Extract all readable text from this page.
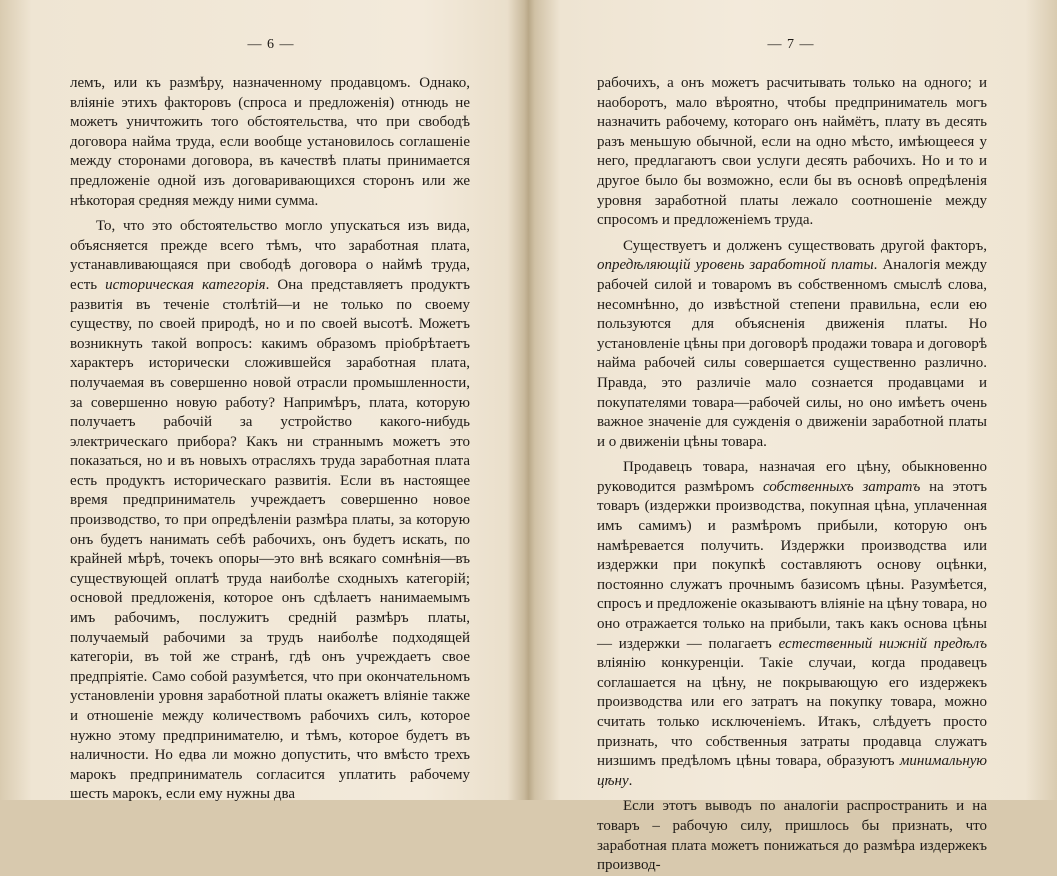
— 6 —

лемъ, или къ размѣру, назначенному продавцомъ. Однако, вліяніе этихъ факторовъ (спроса и предложенія) отнюдь не можетъ уничтожить того обстоятельства, что при свободѣ договора найма труда, если вообще установилось соглашеніе между сторонами договора, въ качествѣ платы принимается предложеніе одной изъ договаривающихся сторонъ или же нѣкоторая средняя между ними сумма.

То, что это обстоятельство могло упускаться изъ вида, объясняется прежде всего тѣмъ, что заработная плата, устанавливающаяся при свободѣ договора о наймѣ труда, есть историческая категорія. Она представляетъ продуктъ развитія въ теченіе столѣтій—и не только по своему существу, по своей природѣ, но и по своей высотѣ. Можетъ возникнуть такой вопросъ: какимъ образомъ пріобрѣтаетъ характеръ исторически сложившейся заработная плата, получаемая въ совершенно новой отрасли промышленности, за совершенно новую работу? Напримѣръ, плата, которую получаетъ рабочій за устройство какого-нибудь электрическаго прибора? Какъ ни страннымъ можетъ это показаться, но и въ новыхъ отрасляхъ труда заработная плата есть продуктъ историческаго развитія. Если въ настоящее время предприниматель учреждаетъ совершенно новое производство, то при опредѣленіи размѣра платы, за которую онъ будетъ нанимать себѣ рабочихъ, онъ будетъ искать, по крайней мѣрѣ, точекъ опоры—это внѣ всякаго сомнѣнія—въ существующей оплатѣ труда наиболѣе сходныхъ категорій; основой предложенія, которое онъ сдѣлаетъ нанимаемымъ имъ рабочимъ, послужитъ средній размѣръ платы, получаемый рабочими за трудъ наиболѣе подходящей категоріи, въ той же странѣ, гдѣ онъ учреждаетъ свое предпріятіе. Само собой разумѣется, что при окончательномъ установленіи уровня заработной платы окажетъ вліяніе также и отношеніе между количествомъ рабочихъ силъ, которое нужно этому предпринимателю, и тѣмъ, которое будетъ въ наличности. Но едва ли можно допустить, что вмѣсто трехъ марокъ предприниматель согласится уплатить рабочему шесть марокъ, если ему нужны два

— 7 —

рабочихъ, а онъ можетъ расчитывать только на одного; и наоборотъ, мало вѣроятно, чтобы предприниматель могъ назначить рабочему, котораго онъ наймётъ, плату въ десять разъ меньшую обычной, если на одно мѣсто, имѣющееся у него, предлагаютъ свои услуги десять рабочихъ. Но и то и другое было бы возможно, если бы въ основѣ опредѣленія уровня заработной платы лежало соотношеніе между спросомъ и предложеніемъ труда.

Существуетъ и долженъ существовать другой факторъ, опредѣляющій уровень заработной платы. Аналогія между рабочей силой и товаромъ въ собственномъ смыслѣ слова, несомнѣнно, до извѣстной степени правильна, если ею пользуются для объясненія движенія платы. Но установленіе цѣны при договорѣ продажи товара и договорѣ найма рабочей силы совершается существенно различно. Правда, это различіе мало сознается продавцами и покупателями товара—рабочей силы, но оно имѣетъ очень важное значеніе для сужденія о движеніи заработной платы и о движеніи цѣны товара.

Продавецъ товара, назначая его цѣну, обыкновенно руководится размѣромъ собственныхъ затратъ на этотъ товаръ (издержки производства, покупная цѣна, уплаченная имъ самимъ) и размѣромъ прибыли, которую онъ намѣревается получить. Издержки производства или издержки при покупкѣ составляютъ основу оцѣнки, постоянно служатъ прочнымъ базисомъ цѣны. Разумѣется, спросъ и предложеніе оказываютъ вліяніе на цѣну товара, но оно отражается только на прибыли, такъ какъ основа цѣны — издержки — полагаетъ естественный нижній предѣлъ вліянію конкуренціи. Такіе случаи, когда продавецъ соглашается на цѣну, не покрывающую его издержекъ производства или его затратъ на покупку товара, можно считать только исключеніемъ. Итакъ, слѣдуетъ просто признать, что собственныя затраты продавца служатъ низшимъ предѣломъ цѣны товара, образуютъ минимальную цѣну.

Если этотъ выводъ по аналогіи распространить и на товаръ – рабочую силу, пришлось бы признать, что заработная плата можетъ понижаться до размѣра издержекъ производ-
